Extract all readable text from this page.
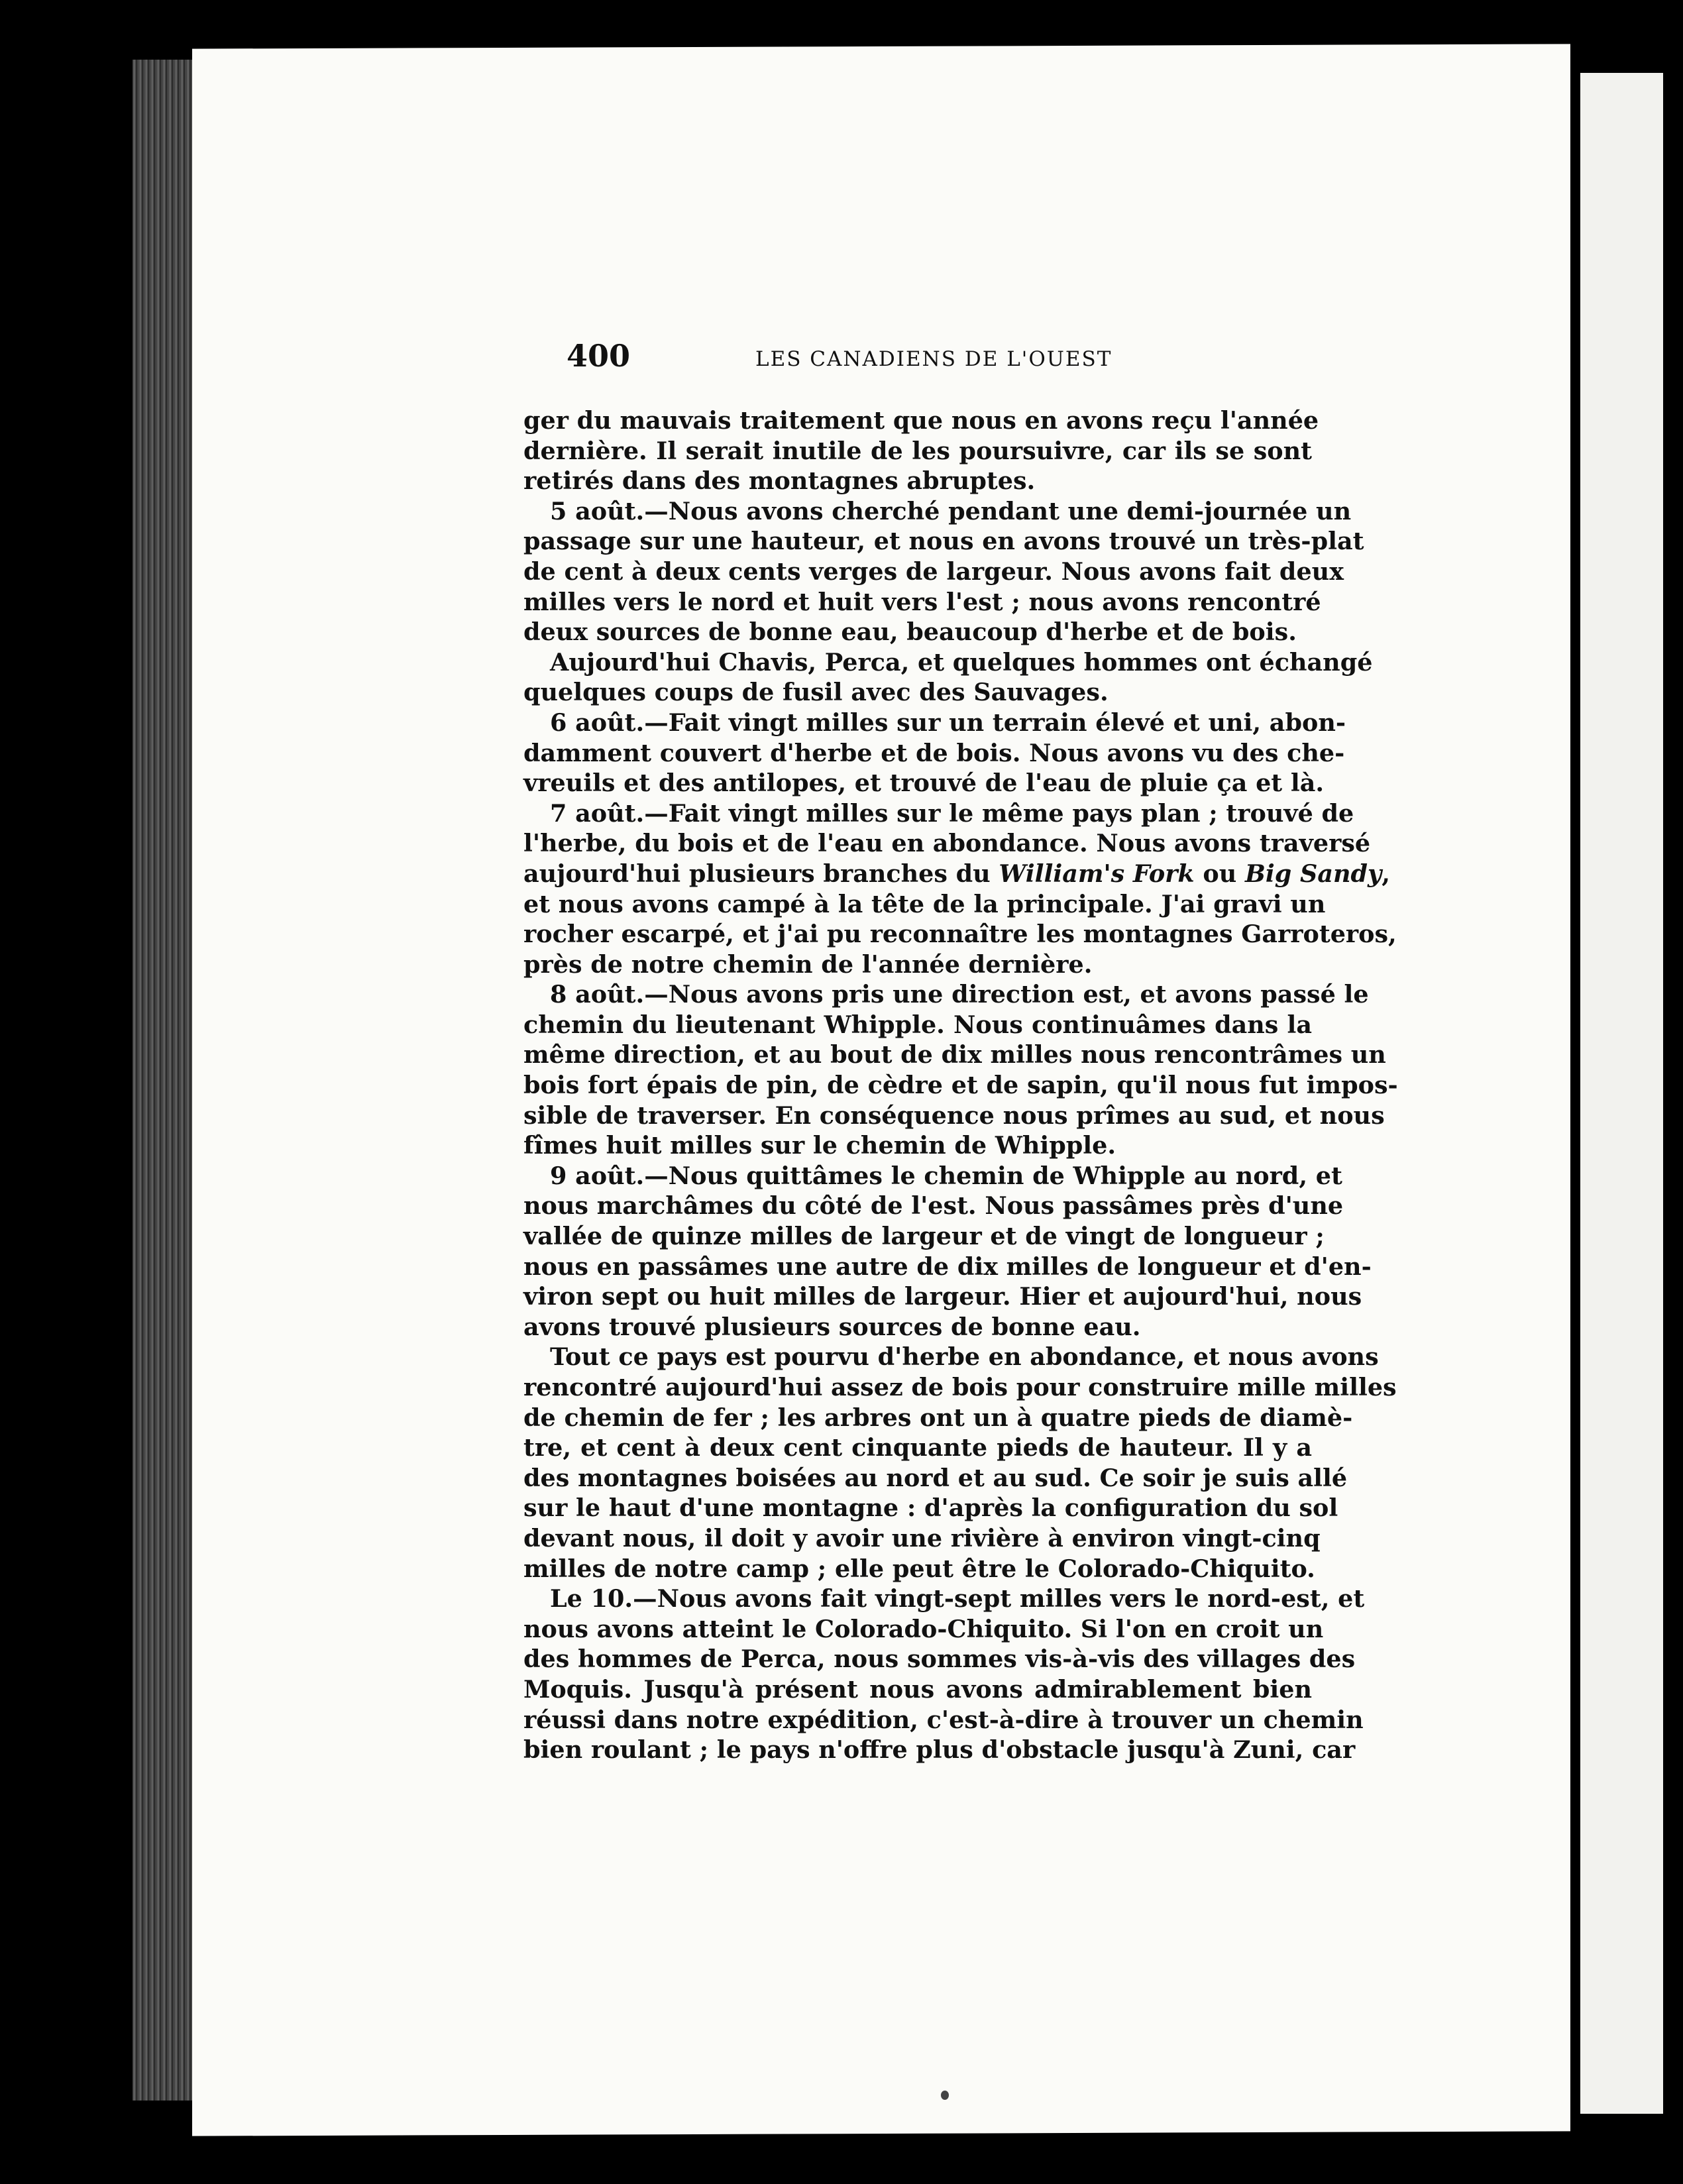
400	LES CANADIENS DE L'OUEST
ger du mauvais traitement que nous en avons reçu l'année
dernière. Il serait inutile de les poursuivre, car ils se sont
retirés dans des montagnes abruptes.
5 août.—Nous avons cherché pendant une demi-journée un
passage sur une hauteur, et nous en avons trouvé un très-plat
de cent à deux cents verges de largeur. Nous avons fait deux
milles vers le nord et huit vers l'est ; nous avons rencontré
deux sources de bonne eau, beaucoup d'herbe et de bois.
Aujourd'hui Chavis, Perca, et quelques hommes ont échangé
quelques coups de fusil avec des Sauvages.
6 août.—Fait vingt milles sur un terrain élevé et uni, abon-
damment couvert d'herbe et de bois. Nous avons vu des che-
vreuils et des antilopes, et trouvé de l'eau de pluie ça et là.
7 août.—Fait vingt milles sur le même pays plan ; trouvé de
l'herbe, du bois et de l'eau en abondance. Nous avons traversé
aujourd'hui plusieurs branches du William's Fork ou Big Sandy
et nous avons campé à la tête de la principale. J'ai gravi un
rocher escarpé, et j'ai pu reconnaître les montagnes Garroteros,
près de notre chemin de l'année dernière.
8 août.—Nous avons pris une direction est, et avons passé le
chemin du lieutenant Whipple. Nous continuâmes dans la
même direction, et au bout de dix milles nous rencontrâmes un
bois fort épais de pin, de cèdre et de sapin, qu'il nous fut impos-
sible de traverser. En conséquence nous prîmes au sud, et nous
fîmes huit milles sur le chemin de Whipple.
9 août.—Nous quittâmes le chemin de Whipple au nord, et
nous marchâmes du côté de l'est. Nous passâmes près d'une
vallée de quinze milles de largeur et de vingt de longueur ;
nous en passâmes une autre de dix milles de longueur et d'en-
viron sept ou huit milles de largeur. Hier et aujourd'hui, nous
avons trouvé plusieurs sources de bonne eau.
Tout ce pays est pourvu d'herbe en abondance, et nous avons
rencontré aujourd'hui assez de bois pour construire mille milles
de chemin de fer ; les arbres ont un à quatre pieds de diamè-
tre, et cent à deux cent cinquante pieds de hauteur. Il y a
des montagnes boisées au nord et au sud. Ce soir je suis allé
sur le haut d'une montagne : d'après la configuration du sol
devant nous, il doit y avoir une rivière à environ vingt-cinq
milles de notre camp ; elle peut être le Colorado-Chiquito.
Le 10.—Nous avons fait vingt-sept milles vers le nord-est, et
nous avons atteint le Colorado-Chiquito. Si l'on en croit un
des hommes de Perca, nous sommes vis-à-vis des villages des
Moquis. Jusqu'à présent nous avons admirablement bien
réussi dans notre expédition, c'est-à-dire à trouver un chemin
bien roulant ; le pays n'offre plus d'obstacle jusqu'à Zuni, car
